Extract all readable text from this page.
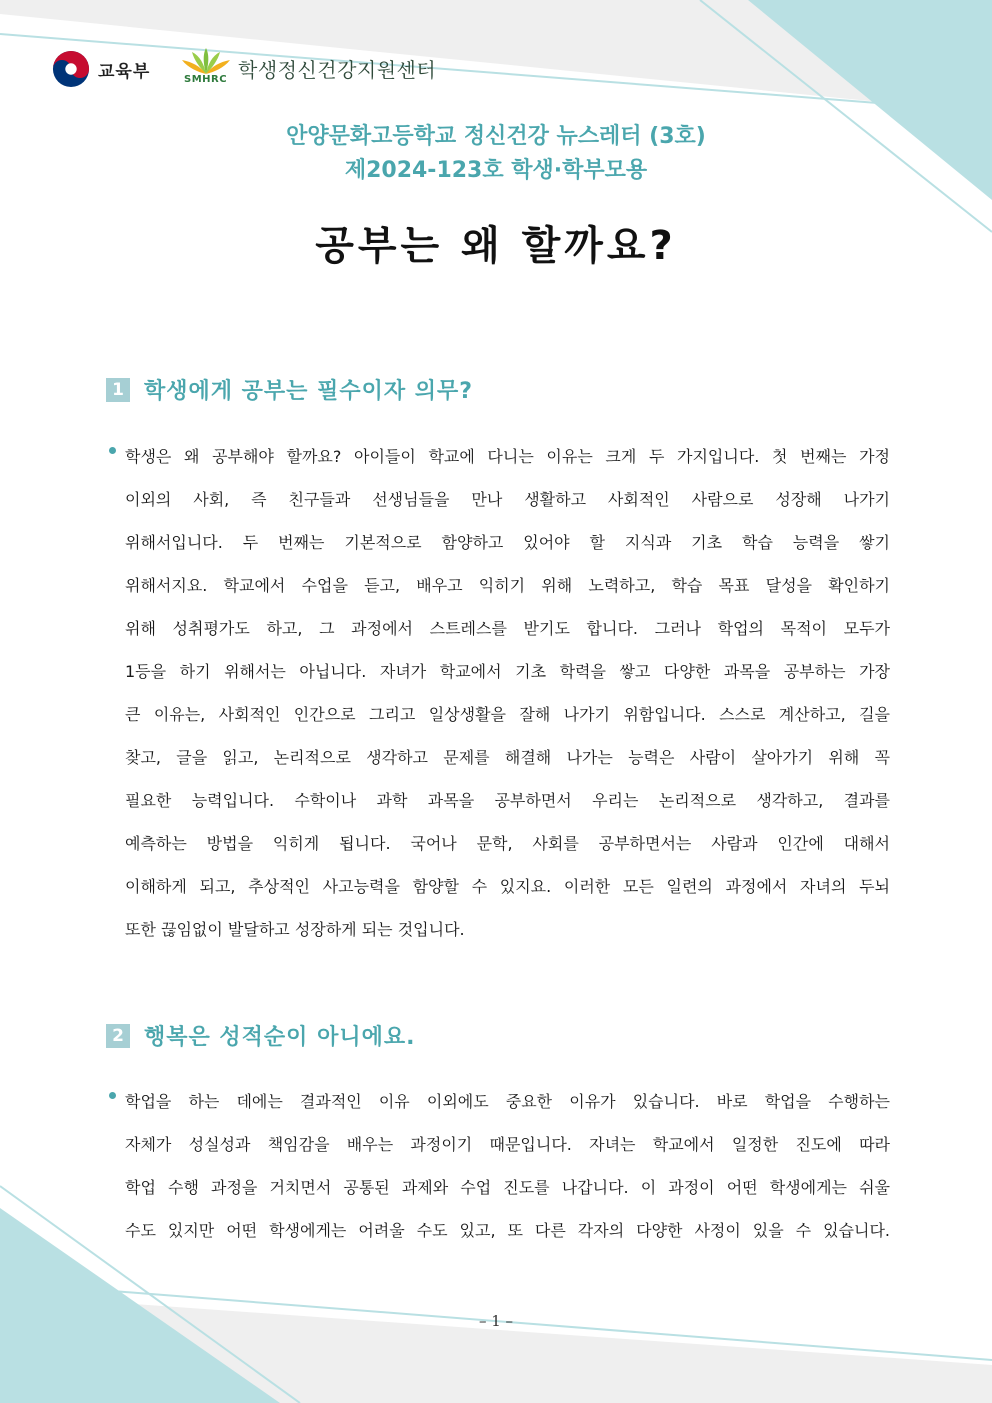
교육부	SMHRC 학생정신건강지원센터
안양문화고등학교 정신건강 뉴스레터 (3호)
제2024-123호 학생·학부모용
공부는 왜 할까요?
1 학생에게 공부는 필수이자 의무?
학생은 왜 공부해야 할까요? 아이들이 학교에 다니는 이유는 크게 두 가지입니다. 첫 번째는 가정
이외의 사회, 즉 친구들과 선생님들을 만나 생활하고 사회적인 사람으로 성장해 나가기
위해서입니다. 두 번째는 기본적으로 함양하고 있어야 할 지식과 기초 학습 능력을 쌓기
위해서지요. 학교에서 수업을 듣고, 배우고 익히기 위해 노력하고, 학습 목표 달성을 확인하기
위해 성취평가도 하고, 그 과정에서 스트레스를 받기도 합니다. 그러나 학업의 목적이 모두가
1등을 하기 위해서는 아닙니다. 자녀가 학교에서 기초 학력을 쌓고 다양한 과목을 공부하는 가장
큰 이유는, 사회적인 인간으로 그리고 일상생활을 잘해 나가기 위함입니다. 스스로 계산하고, 길을
찾고, 글을 읽고, 논리적으로 생각하고 문제를 해결해 나가는 능력은 사람이 살아가기 위해 꼭
필요한 능력입니다. 수학이나 과학 과목을 공부하면서 우리는 논리적으로 생각하고, 결과를
예측하는 방법을 익히게 됩니다. 국어나 문학, 사회를 공부하면서는 사람과 인간에 대해서
이해하게 되고, 추상적인 사고능력을 함양할 수 있지요. 이러한 모든 일련의 과정에서 자녀의 두뇌
또한 끊임없이 발달하고 성장하게 되는 것입니다.
2 행복은 성적순이 아니에요.
학업을 하는 데에는 결과적인 이유 이외에도 중요한 이유가 있습니다. 바로 학업을 수행하는
자체가 성실성과 책임감을 배우는 과정이기 때문입니다. 자녀는 학교에서 일정한 진도에 따라
학업 수행 과정을 거치면서 공통된 과제와 수업 진도를 나갑니다. 이 과정이 어떤 학생에게는 쉬울
수도 있지만 어떤 학생에게는 어려울 수도 있고, 또 다른 각자의 다양한 사정이 있을 수 있습니다.
– 1 –
